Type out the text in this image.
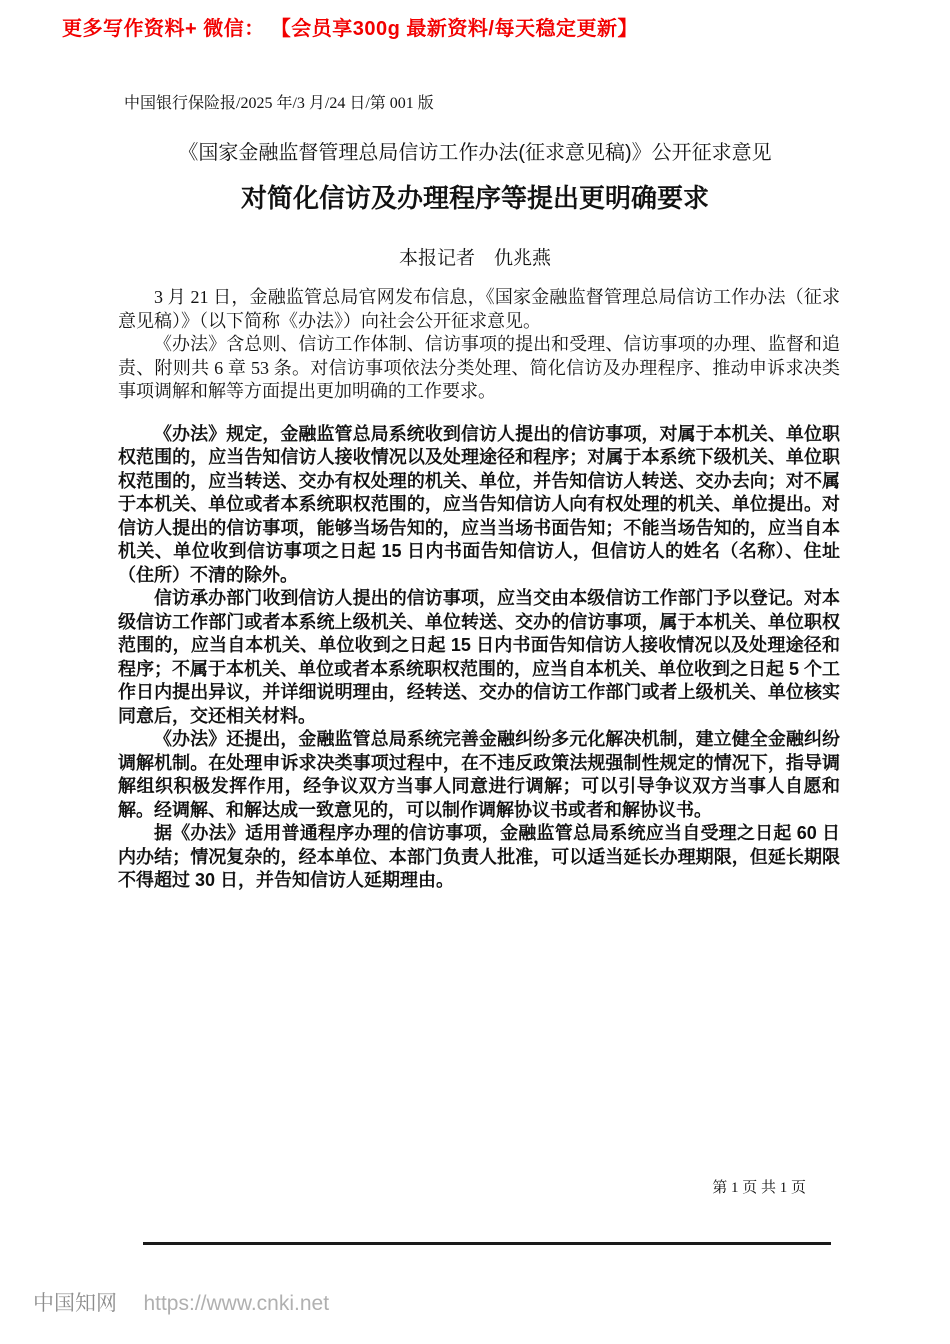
更多写作资料+ 微信： 【会员享300g 最新资料/每天稳定更新】
中国银行保险报/2025 年/3 月/24 日/第 001 版
《国家金融监督管理总局信访工作办法(征求意见稿)》公开征求意见
对简化信访及办理程序等提出更明确要求
本报记者　仇兆燕

3 月 21 日，金融监管总局官网发布信息，《国家金融监督管理总局信访工作办法（征求意见稿）》（以下简称《办法》）向社会公开征求意见。

《办法》含总则、信访工作体制、信访事项的提出和受理、信访事项的办理、监督和追责、附则共 6 章 53 条。对信访事项依法分类处理、简化信访及办理程序、推动申诉求决类事项调解和解等方面提出更加明确的工作要求。

《办法》规定，金融监管总局系统收到信访人提出的信访事项，对属于本机关、单位职权范围的，应当告知信访人接收情况以及处理途径和程序；对属于本系统下级机关、单位职权范围的，应当转送、交办有权处理的机关、单位，并告知信访人转送、交办去向；对不属于本机关、单位或者本系统职权范围的，应当告知信访人向有权处理的机关、单位提出。对信访人提出的信访事项，能够当场告知的，应当当场书面告知；不能当场告知的，应当自本机关、单位收到信访事项之日起 15 日内书面告知信访人，但信访人的姓名（名称）、住址（住所）不清的除外。

信访承办部门收到信访人提出的信访事项，应当交由本级信访工作部门予以登记。对本级信访工作部门或者本系统上级机关、单位转送、交办的信访事项，属于本机关、单位职权范围的，应当自本机关、单位收到之日起 15 日内书面告知信访人接收情况以及处理途径和程序；不属于本机关、单位或者本系统职权范围的，应当自本机关、单位收到之日起 5 个工作日内提出异议，并详细说明理由，经转送、交办的信访工作部门或者上级机关、单位核实同意后，交还相关材料。

《办法》还提出，金融监管总局系统完善金融纠纷多元化解决机制，建立健全金融纠纷调解机制。在处理申诉求决类事项过程中，在不违反政策法规强制性规定的情况下，指导调解组织积极发挥作用，经争议双方当事人同意进行调解；可以引导争议双方当事人自愿和解。经调解、和解达成一致意见的，可以制作调解协议书或者和解协议书。

据《办法》适用普通程序办理的信访事项，金融监管总局系统应当自受理之日起 60 日内办结；情况复杂的，经本单位、本部门负责人批准，可以适当延长办理期限，但延长期限不得超过 30 日，并告知信访人延期理由。

第 1 页 共 1 页
中国知网 https://www.cnki.net
